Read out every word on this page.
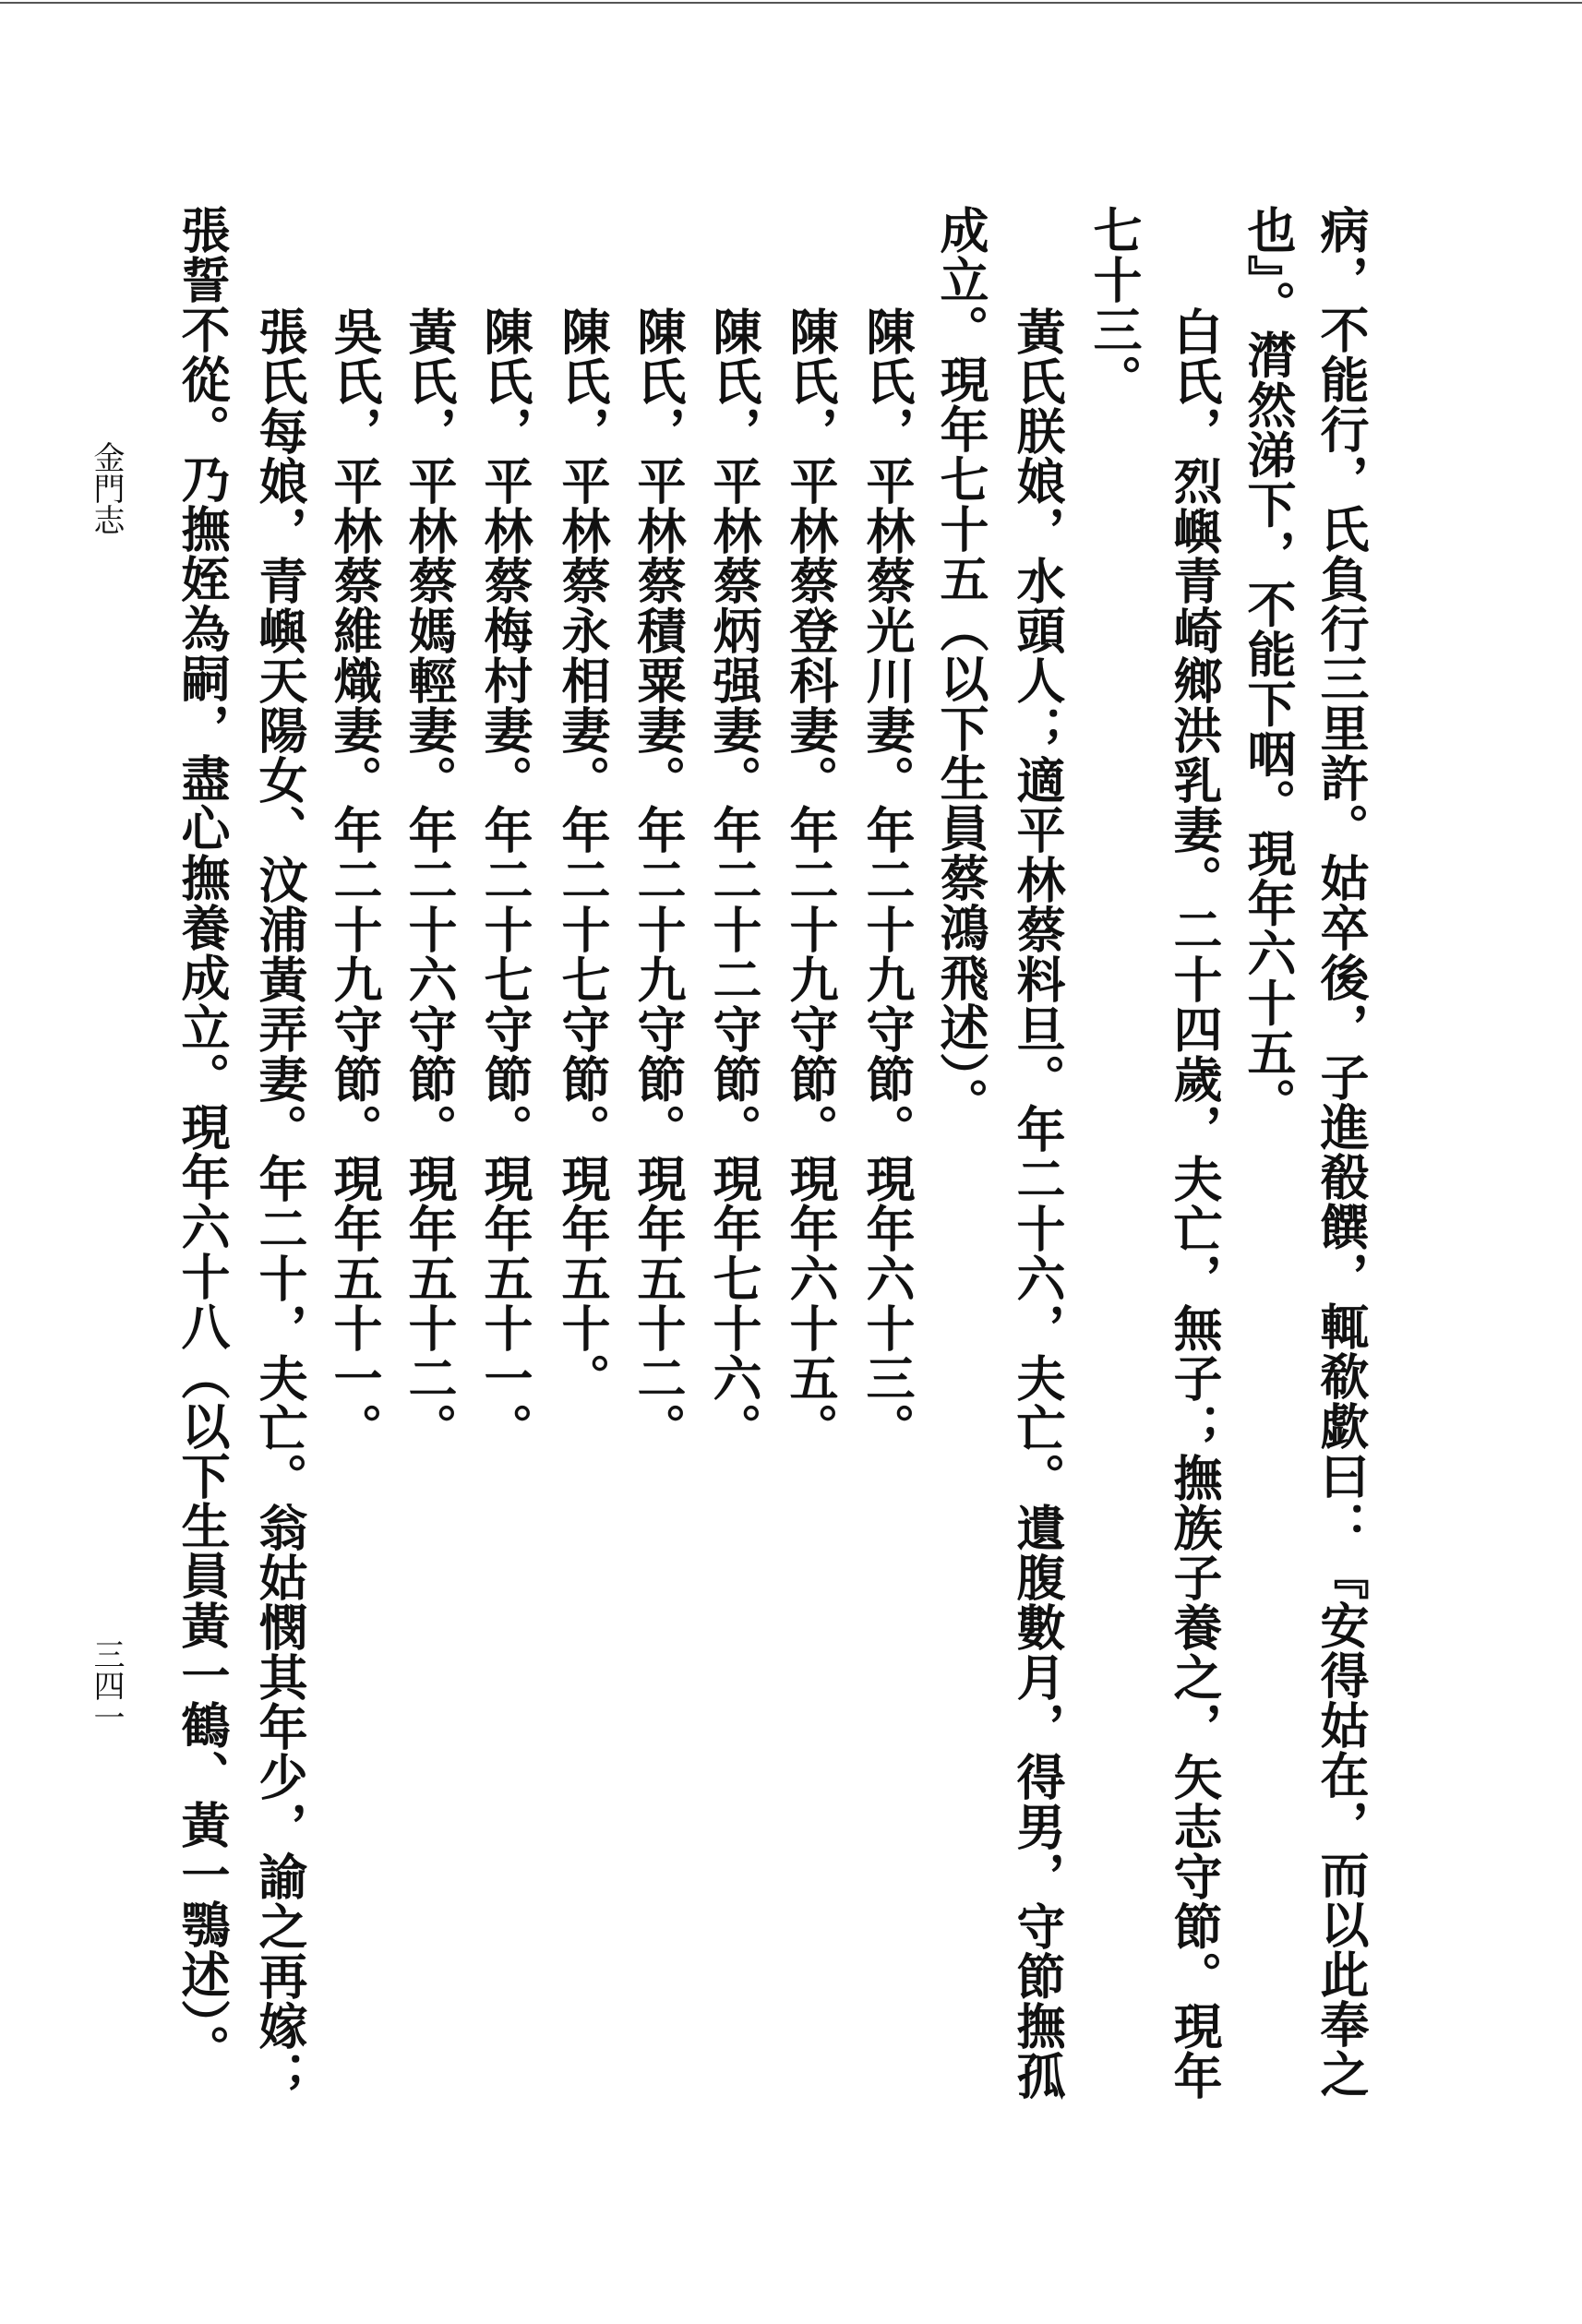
病，不能行，氏負行三里許。姑卒後，子進殽饌，輒欷歔曰：『安得姑在，而以此奉之
也』。潸然涕下，不能下咽。現年六十五。
白氏，烈嶼青崎鄉洪乳妻。二十四歲，夫亡，無子；撫族子養之，矢志守節。現年
七十三。
黃氏朕娘，水頭人；適平林蔡料旦。年二十六，夫亡。遺腹數月，得男，守節撫孤
成立。現年七十五（以下生員蔡鴻飛述）。
陳氏，平林蔡光川妻。年二十九守節。現年六十三。
陳氏，平林蔡登科妻。年二十九守節。現年六十五。
陳氏，平林蔡炳强妻。年二十二守節。現年七十六。
陳氏，平林蔡積粟妻。年二十九守節。現年五十二。
陳氏，平林蔡永相妻。年二十七守節。現年五十。
陳氏，平林蔡梅村妻。年二十七守節。現年五十一。
黃氏，平林蔡媽輕妻。年二十六守節。現年五十二。
吳氏，平林蔡維熾妻。年二十九守節。現年五十一。
張氏每娘，青嶼天陽女、汶浦黃弄妻。年二十，夫亡。翁姑憫其年少，諭之再嫁；
張誓不從。乃撫姪為嗣，盡心撫養成立。現年六十八（以下生員黃一鶴、黃一鶚述）。
金門志
三四一
